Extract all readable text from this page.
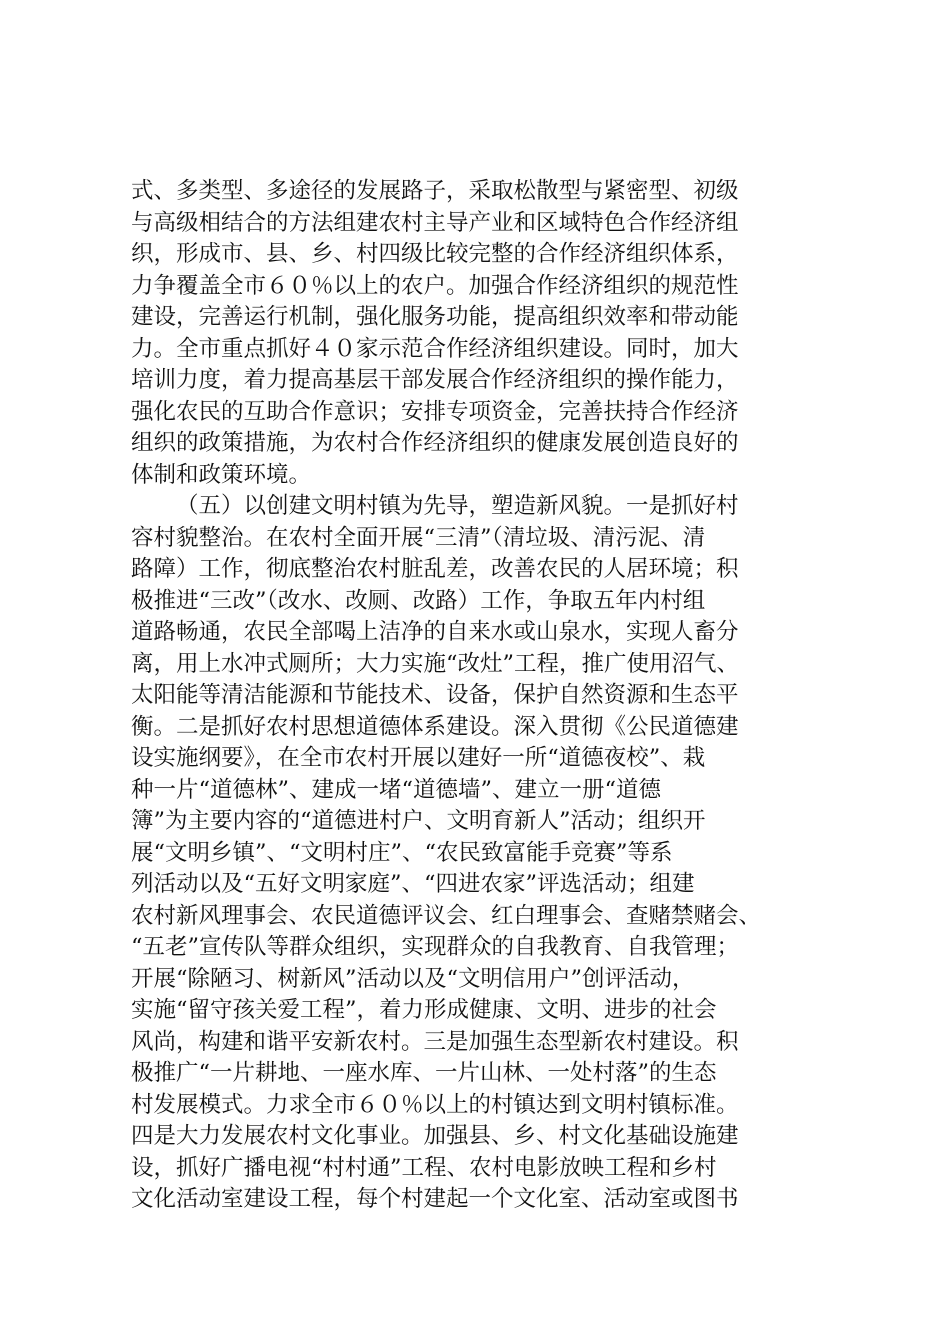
式、多类型、多途径的发展路子，采取松散型与紧密型、初级
与高级相结合的方法组建农村主导产业和区域特色合作经济组
织，形成市、县、乡、村四级比较完整的合作经济组织体系，
力争覆盖全市６０％以上的农户。加强合作经济组织的规范性
建设，完善运行机制，强化服务功能，提高组织效率和带动能
力。全市重点抓好４０家示范合作经济组织建设。同时，加大
培训力度，着力提高基层干部发展合作经济组织的操作能力，
强化农民的互助合作意识；安排专项资金，完善扶持合作经济
组织的政策措施，为农村合作经济组织的健康发展创造良好的
体制和政策环境。
（五）以创建文明村镇为先导，塑造新风貌。一是抓好村
容村貌整治。在农村全面开展“三清”（清垃圾、清污泥、清
路障）工作，彻底整治农村脏乱差，改善农民的人居环境；积
极推进“三改”（改水、改厕、改路）工作，争取五年内村组
道路畅通，农民全部喝上洁净的自来水或山泉水，实现人畜分
离，用上水冲式厕所；大力实施“改灶”工程，推广使用沼气、
太阳能等清洁能源和节能技术、设备，保护自然资源和生态平
衡。二是抓好农村思想道德体系建设。深入贯彻《公民道德建
设实施纲要》，在全市农村开展以建好一所“道德夜校”、栽
种一片“道德林”、建成一堵“道德墙”、建立一册“道德
簿”为主要内容的“道德进村户、文明育新人”活动；组织开
展“文明乡镇”、“文明村庄”、“农民致富能手竞赛”等系
列活动以及“五好文明家庭”、“四进农家”评选活动；组建
农村新风理事会、农民道德评议会、红白理事会、查赌禁赌会、
“五老”宣传队等群众组织，实现群众的自我教育、自我管理；
开展“除陋习、树新风”活动以及“文明信用户”创评活动，
实施“留守孩关爱工程”，着力形成健康、文明、进步的社会
风尚，构建和谐平安新农村。三是加强生态型新农村建设。积
极推广“一片耕地、一座水库、一片山林、一处村落”的生态
村发展模式。力求全市６０％以上的村镇达到文明村镇标准。
四是大力发展农村文化事业。加强县、乡、村文化基础设施建
设，抓好广播电视“村村通”工程、农村电影放映工程和乡村
文化活动室建设工程，每个村建起一个文化室、活动室或图书
